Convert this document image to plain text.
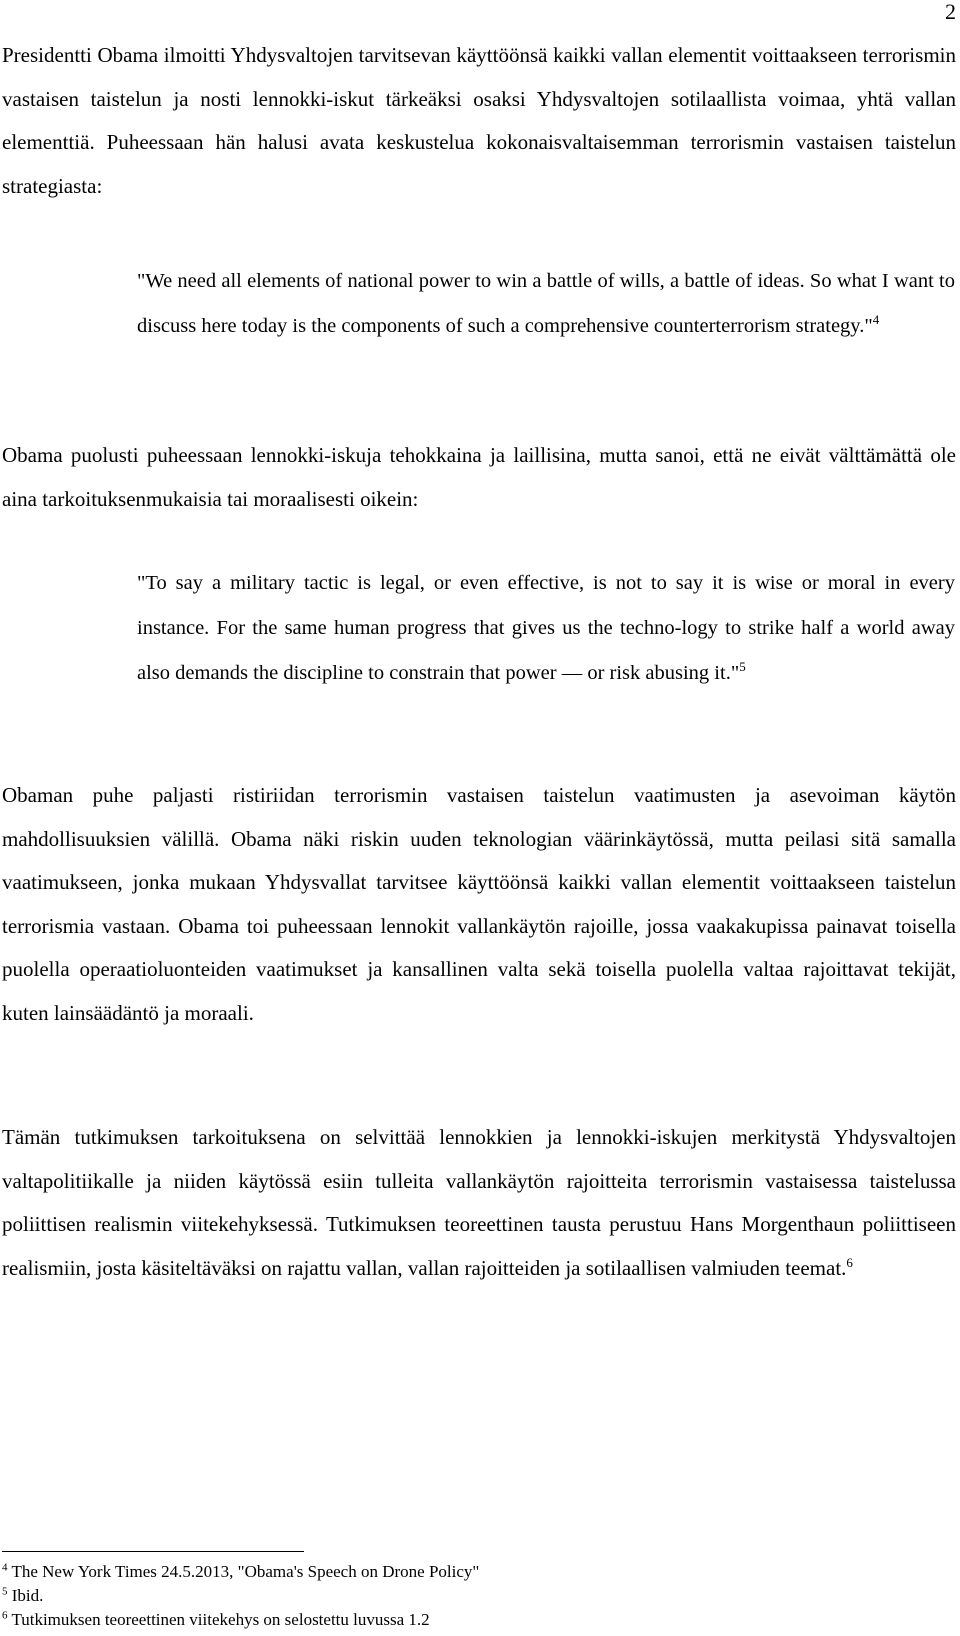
2

Presidentti Obama ilmoitti Yhdysvaltojen tarvitsevan käyttöönsä kaikki vallan elementit voittaakseen terrorismin vastaisen taistelun ja nosti lennokki-iskut tärkeäksi osaksi Yhdysvaltojen sotilaallista voimaa, yhtä vallan elementtiä. Puheessaan hän halusi avata keskustelua kokonaisvaltaisemman terrorismin vastaisen taistelun strategiasta:

"We need all elements of national power to win a battle of wills, a battle of ideas. So what I want to discuss here today is the components of such a comprehensive counterterrorism strategy."$^4$

Obama puolusti puheessaan lennokki-iskuja tehokkaina ja laillisina, mutta sanoi, että ne eivät välttämättä ole aina tarkoituksenmukaisia tai moraalisesti oikein:

"To say a military tactic is legal, or even effective, is not to say it is wise or moral in every instance. For the same human progress that gives us the techno-logy to strike half a world away also demands the discipline to constrain that power — or risk abusing it."$^5$

Obaman puhe paljasti ristiriidan terrorismin vastaisen taistelun vaatimusten ja asevoiman käytön mahdollisuuksien välillä. Obama näki riskin uuden teknologian väärinkäytössä, mutta peilasi sitä samalla vaatimukseen, jonka mukaan Yhdysvallat tarvitsee käyttöönsä kaikki vallan elementit voittaakseen taistelun terrorismia vastaan. Obama toi puheessaan lennokit vallankäytön rajoille, jossa vaakakupissa painavat toisella puolella operaatioluonteiden vaatimukset ja kansallinen valta sekä toisella puolella valtaa rajoittavat tekijät, kuten lainsäädäntö ja moraali.

Tämän tutkimuksen tarkoituksena on selvittää lennokkien ja lennokki-iskujen merkitystä Yhdysvaltojen valtapolitiikalle ja niiden käytössä esiin tulleita vallankäytön rajoitteita terrorismin vastaisessa taistelussa poliittisen realismin viitekehyksessä. Tutkimuksen teoreettinen tausta perustuu Hans Morgenthaun poliittiseen realismiin, josta käsiteltäväksi on rajattu vallan, vallan rajoitteiden ja sotilaallisen valmiuden teemat.$^6$

$^4$ The New York Times 24.5.2013, "Obama's Speech on Drone Policy"

$^5$ Ibid.

$^6$ Tutkimuksen teoreettinen viitekehys on selostettu luvussa 1.2
